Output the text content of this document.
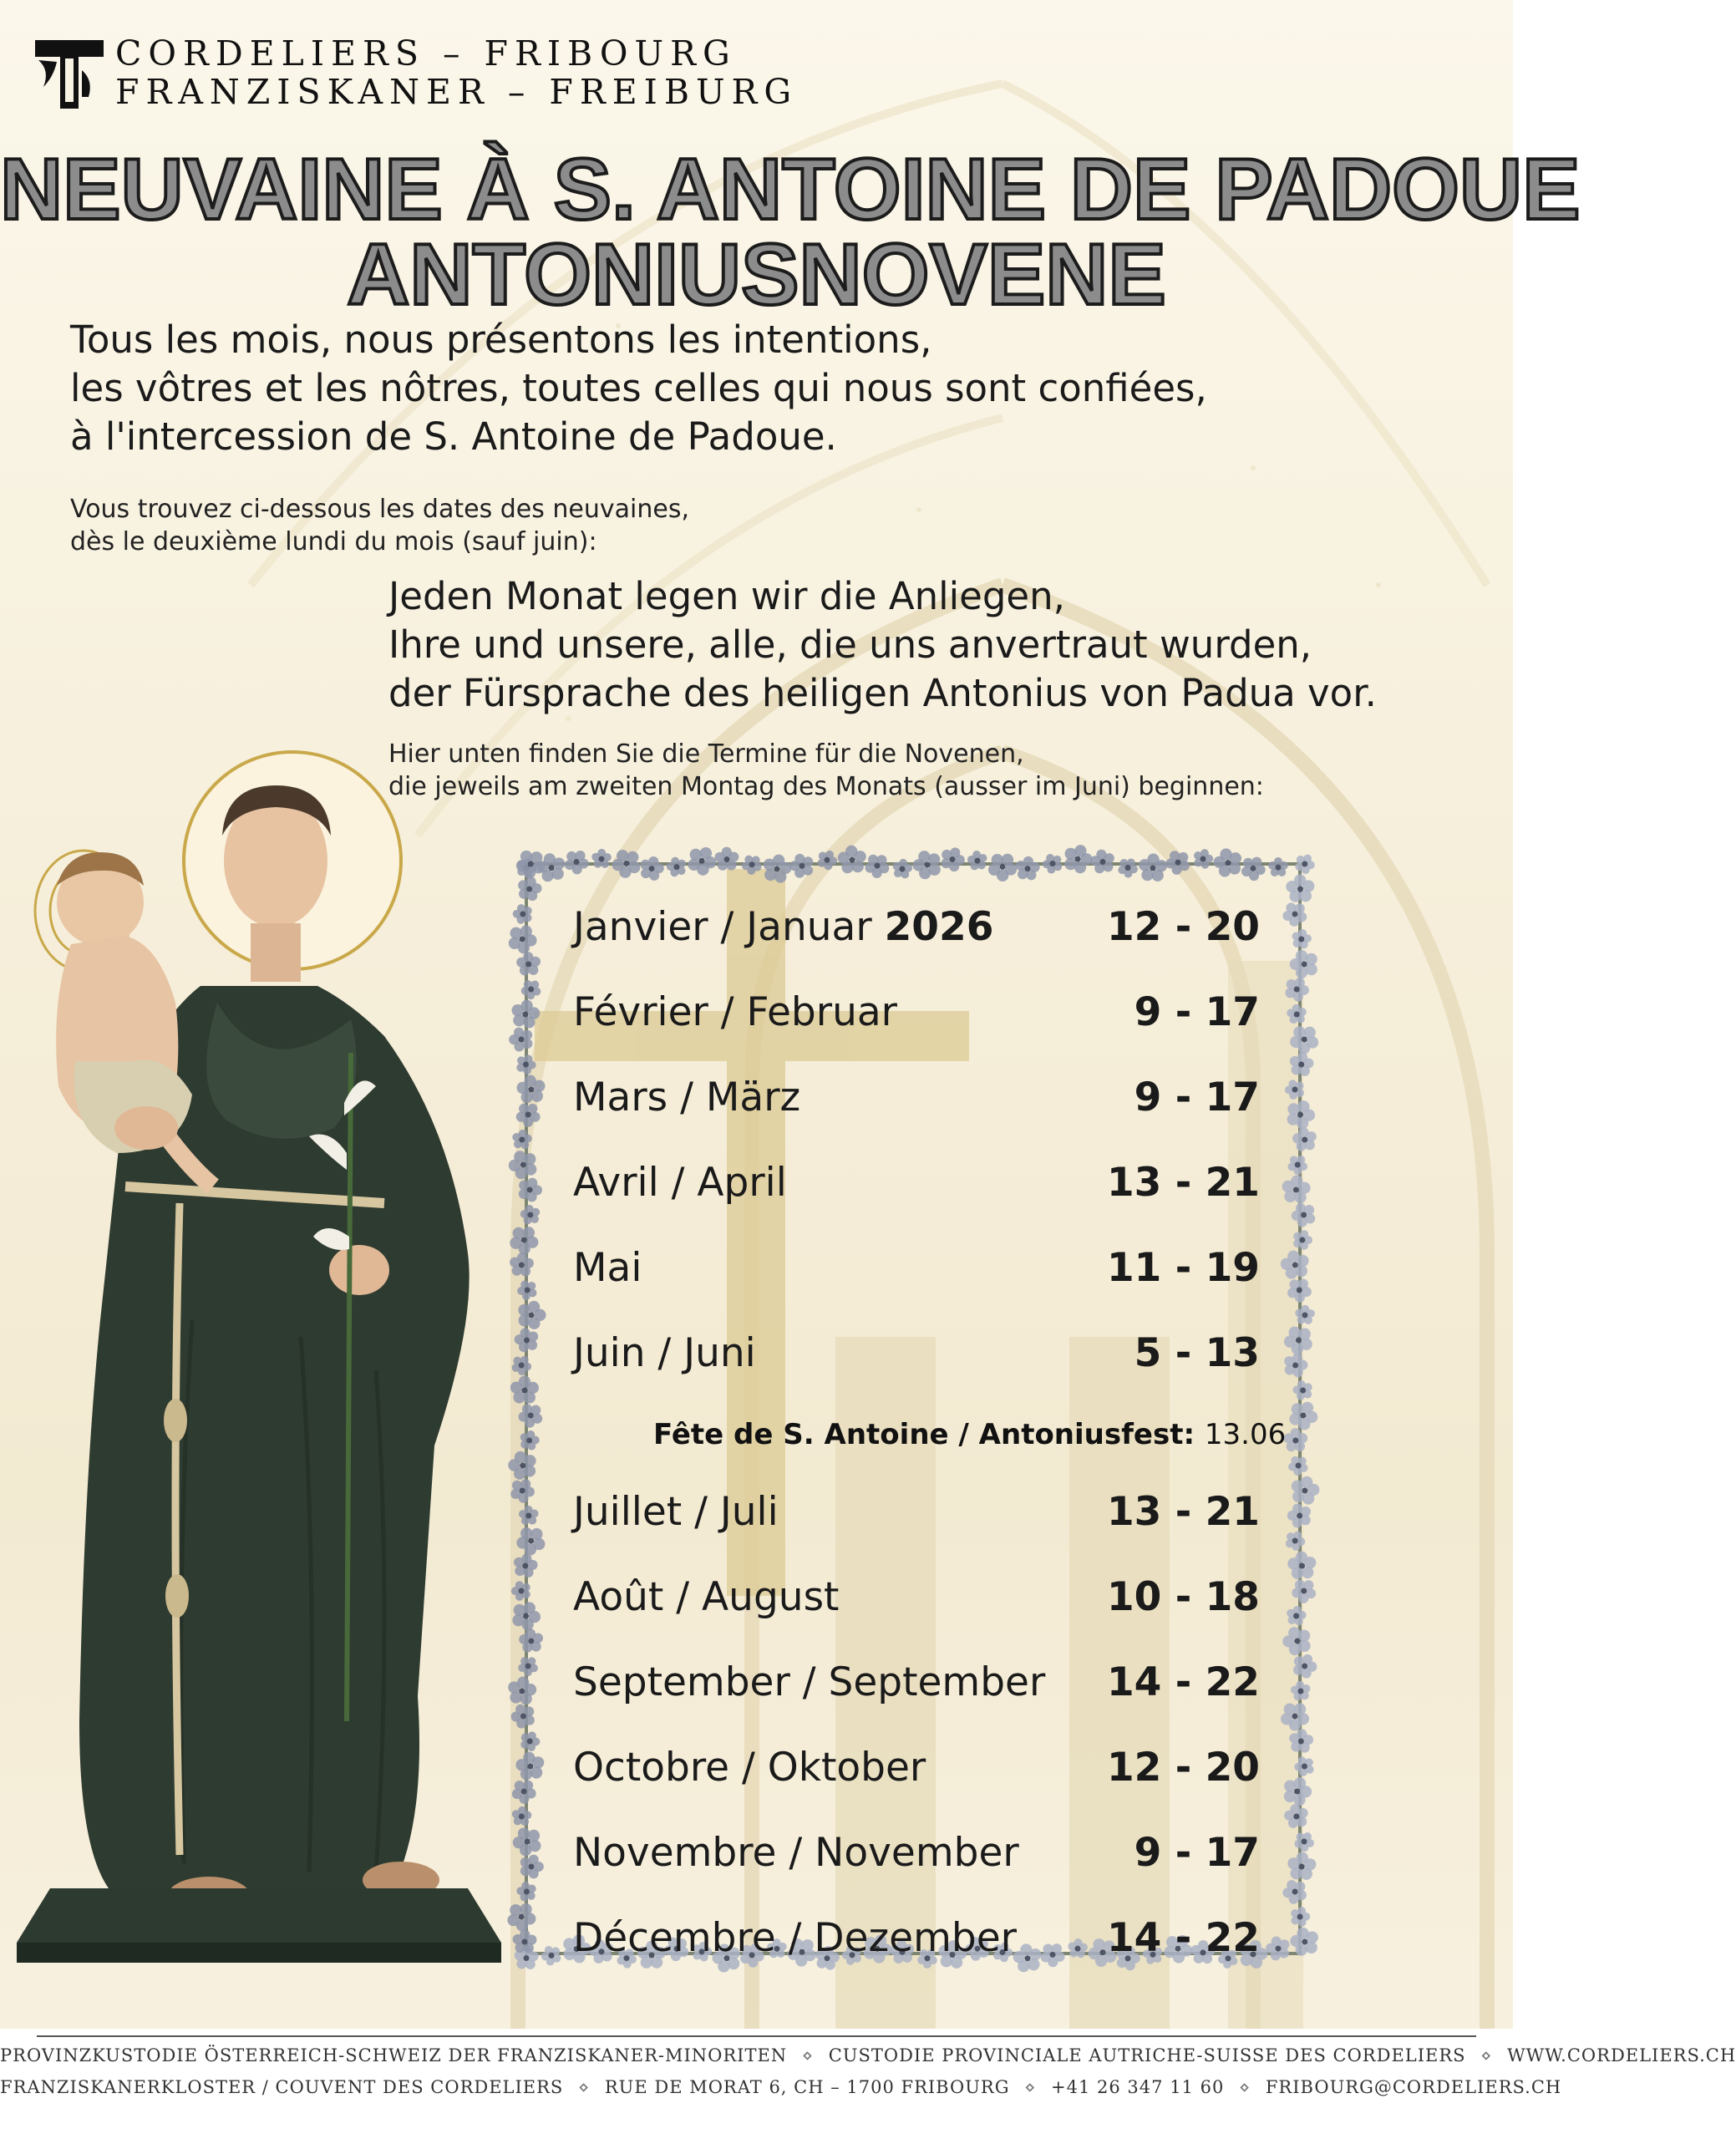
CORDELIERS – FRIBOURG
FRANZISKANER – FREIBURG
NEUVAINE À S. ANTOINE DE PADOUE
ANTONIUSNOVENE
Tous les mois, nous présentons les intentions,
les vôtres et les nôtres, toutes celles qui nous sont confiées,
à l'intercession de S. Antoine de Padoue.
Vous trouvez ci-dessous les dates des neuvaines,
dès le deuxième lundi du mois (sauf juin):
Jeden Monat legen wir die Anliegen,
Ihre und unsere, alle, die uns anvertraut wurden,
der Fürsprache des heiligen Antonius von Padua vor.
Hier unten finden Sie die Termine für die Novenen,
die jeweils am zweiten Montag des Monats (ausser im Juni) beginnen:
Janvier / Januar 2026	12 - 20
Février / Februar	9 - 17
Mars / März	9 - 17
Avril / April	13 - 21
Mai	11 - 19
Juin / Juni	5 - 13
Fête de S. Antoine / Antoniusfest: 13.06
Juillet / Juli	13 - 21
Août / August	10 - 18
September / September 14 - 22
Octobre / Oktober	12 - 20
Novembre / November	9 - 17
Décembre / Dezember 14 - 22
PROVINZKUSTODIE ÖSTERREICH-SCHWEIZ DER FRANZISKANER-MINORITEN ⋄ CUSTODIE PROVINCIALE AUTRICHE-SUISSE DES CORDELIERS ⋄ WWW.CORDELIERS.CH
FRANZISKANERKLOSTER / COUVENT DES CORDELIERS ⋄ RUE DE MORAT 6, CH – 1700 FRIBOURG ⋄ +41 26 347 11 60 ⋄ FRIBOURG@CORDELIERS.CH
